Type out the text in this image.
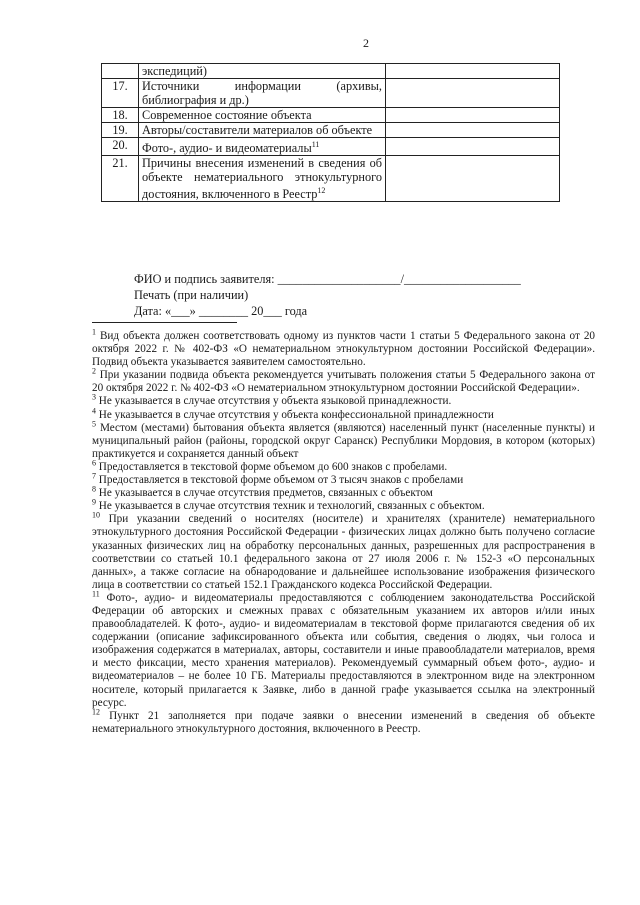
2
	экспедиций)	
17.	Источники информации (архивы, библиография и др.)	
18.	Современное состояние объекта	
19.	Авторы/составители материалов об объекте	
20.	Фото-, аудио- и видеоматериалы$^{11}$	
21.	Причины внесения изменений в сведения об объекте нематериального этнокультурного достояния, включенного в Реестр$^{12}$	
ФИО и подпись заявителя: ____________________/___________________
Печать (при наличии)
Дата: «___» ________ 20___ года

$^1$ Вид объекта должен соответствовать одному из пунктов части 1 статьи 5 Федерального закона от 20 октября 2022 г. № 402-ФЗ «О нематериальном этнокультурном достоянии Российской Федерации». Подвид объекта указывается заявителем самостоятельно.

$^2$ При указании подвида объекта рекомендуется учитывать положения статьи 5 Федерального закона от 20 октября 2022 г. № 402-ФЗ «О нематериальном этнокультурном достоянии Российской Федерации».

$^3$ Не указывается в случае отсутствия у объекта языковой принадлежности.

$^4$ Не указывается в случае отсутствия у объекта конфессиональной принадлежности

$^5$ Местом (местами) бытования объекта является (являются) населенный пункт (населенные пункты) и муниципальный район (районы, городской округ Саранск) Республики Мордовия, в котором (которых) практикуется и сохраняется данный объект

$^6$ Предоставляется в текстовой форме объемом до 600 знаков с пробелами.

$^7$ Предоставляется в текстовой форме объемом от 3 тысяч знаков с пробелами

$^8$ Не указывается в случае отсутствия предметов, связанных с объектом

$^9$ Не указывается в случае отсутствия техник и технологий, связанных с объектом.

$^{10}$ При указании сведений о носителях (носителе) и хранителях (хранителе) нематериального этнокультурного достояния Российской Федерации - физических лицах должно быть получено согласие указанных физических лиц на обработку персональных данных, разрешенных для распространения в соответствии со статьей 10.1 федерального закона от 27 июля 2006 г. № 152-3 «О персональных данных», а также согласие на обнародование и дальнейшее использование изображения физического лица в соответствии со статьей 152.1 Гражданского кодекса Российской Федерации.

$^{11}$ Фото-, аудио- и видеоматериалы предоставляются с соблюдением законодательства Российской Федерации об авторских и смежных правах с обязательным указанием их авторов и/или иных правообладателей. К фото-, аудио- и видеоматериалам в текстовой форме прилагаются сведения об их содержании (описание зафиксированного объекта или события, сведения о людях, чьи голоса и изображения содержатся в материалах, авторы, составители и иные правообладатели материалов, время и место фиксации, место хранения материалов). Рекомендуемый суммарный объем фото-, аудио- и видеоматериалов – не более 10 ГБ. Материалы предоставляются в электронном виде на электронном носителе, который прилагается к Заявке, либо в данной графе указывается ссылка на электронный ресурс.

$^{12}$ Пункт 21 заполняется при подаче заявки о внесении изменений в сведения об объекте нематериального этнокультурного достояния, включенного в Реестр.
